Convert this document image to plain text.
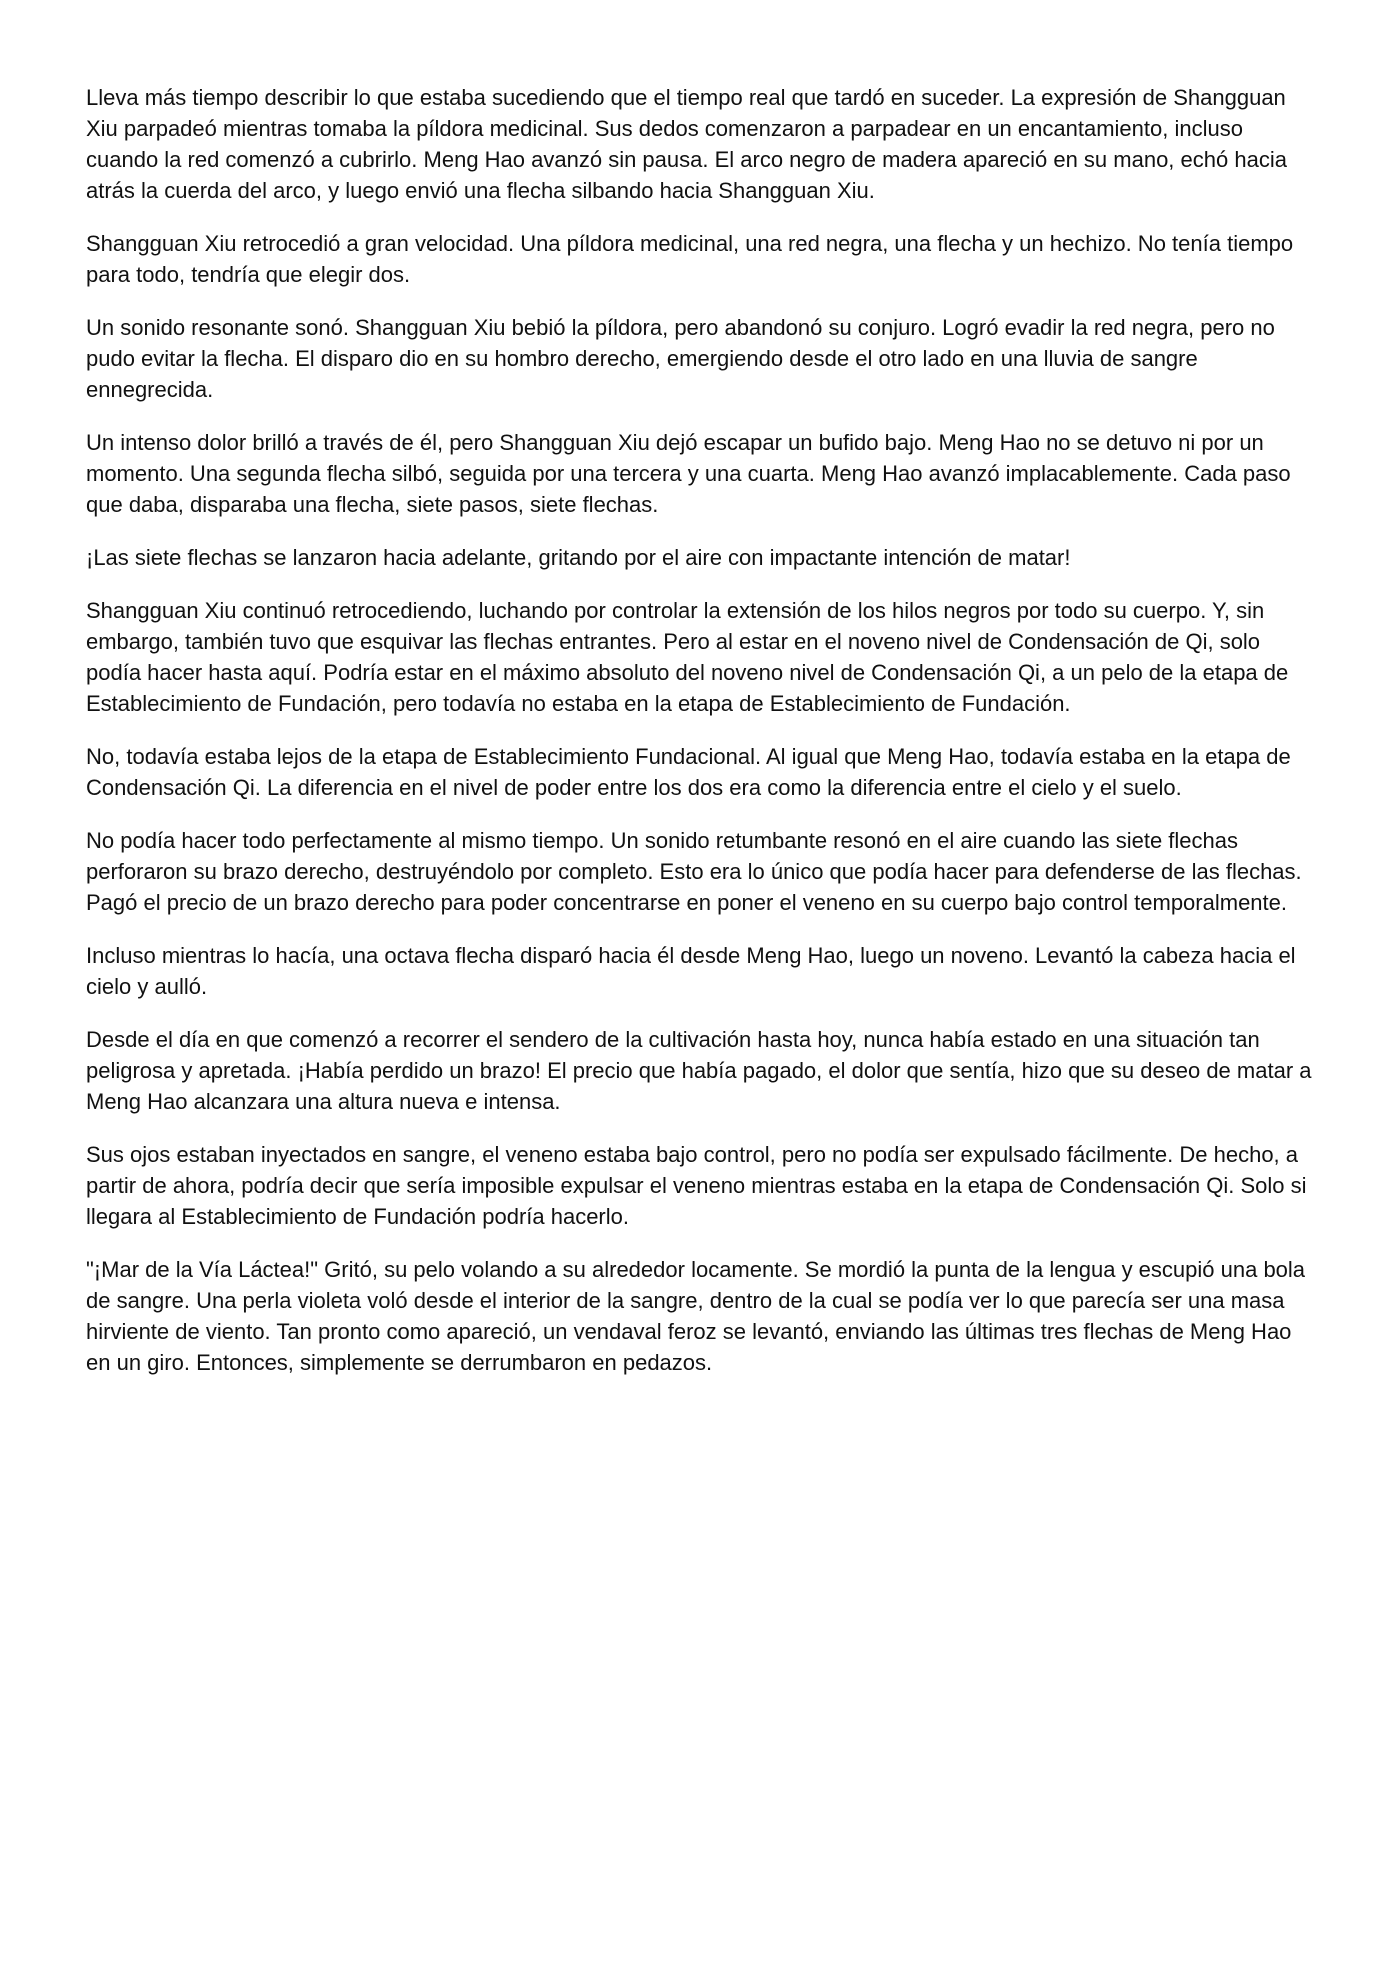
Lleva más tiempo describir lo que estaba sucediendo que el tiempo real que tardó en suceder. La expresión de Shangguan Xiu parpadeó mientras tomaba la píldora medicinal. Sus dedos comenzaron a parpadear en un encantamiento, incluso cuando la red comenzó a cubrirlo. Meng Hao avanzó sin pausa. El arco negro de madera apareció en su mano, echó hacia atrás la cuerda del arco, y luego envió una flecha silbando hacia Shangguan Xiu.

Shangguan Xiu retrocedió a gran velocidad. Una píldora medicinal, una red negra, una flecha y un hechizo. No tenía tiempo para todo, tendría que elegir dos.

Un sonido resonante sonó. Shangguan Xiu bebió la píldora, pero abandonó su conjuro. Logró evadir la red negra, pero no pudo evitar la flecha. El disparo dio en su hombro derecho, emergiendo desde el otro lado en una lluvia de sangre ennegrecida.

Un intenso dolor brilló a través de él, pero Shangguan Xiu dejó escapar un bufido bajo. Meng Hao no se detuvo ni por un momento. Una segunda flecha silbó, seguida por una tercera y una cuarta. Meng Hao avanzó implacablemente. Cada paso que daba, disparaba una flecha, siete pasos, siete flechas.

¡Las siete flechas se lanzaron hacia adelante, gritando por el aire con impactante intención de matar!

Shangguan Xiu continuó retrocediendo, luchando por controlar la extensión de los hilos negros por todo su cuerpo. Y, sin embargo, también tuvo que esquivar las flechas entrantes. Pero al estar en el noveno nivel de Condensación de Qi, solo podía hacer hasta aquí. Podría estar en el máximo absoluto del noveno nivel de Condensación Qi, a un pelo de la etapa de Establecimiento de Fundación, pero todavía no estaba en la etapa de Establecimiento de Fundación.

No, todavía estaba lejos de la etapa de Establecimiento Fundacional. Al igual que Meng Hao, todavía estaba en la etapa de Condensación Qi. La diferencia en el nivel de poder entre los dos era como la diferencia entre el cielo y el suelo.

No podía hacer todo perfectamente al mismo tiempo. Un sonido retumbante resonó en el aire cuando las siete flechas perforaron su brazo derecho, destruyéndolo por completo. Esto era lo único que podía hacer para defenderse de las flechas. Pagó el precio de un brazo derecho para poder concentrarse en poner el veneno en su cuerpo bajo control temporalmente.

Incluso mientras lo hacía, una octava flecha disparó hacia él desde Meng Hao, luego un noveno. Levantó la cabeza hacia el cielo y aulló.

Desde el día en que comenzó a recorrer el sendero de la cultivación hasta hoy, nunca había estado en una situación tan peligrosa y apretada. ¡Había perdido un brazo! El precio que había pagado, el dolor que sentía, hizo que su deseo de matar a Meng Hao alcanzara una altura nueva e intensa.

Sus ojos estaban inyectados en sangre, el veneno estaba bajo control, pero no podía ser expulsado fácilmente. De hecho, a partir de ahora, podría decir que sería imposible expulsar el veneno mientras estaba en la etapa de Condensación Qi. Solo si llegara al Establecimiento de Fundación podría hacerlo.

"¡Mar de la Vía Láctea!" Gritó, su pelo volando a su alrededor locamente. Se mordió la punta de la lengua y escupió una bola de sangre. Una perla violeta voló desde el interior de la sangre, dentro de la cual se podía ver lo que parecía ser una masa hirviente de viento. Tan pronto como apareció, un vendaval feroz se levantó, enviando las últimas tres flechas de Meng Hao en un giro. Entonces, simplemente se derrumbaron en pedazos.
